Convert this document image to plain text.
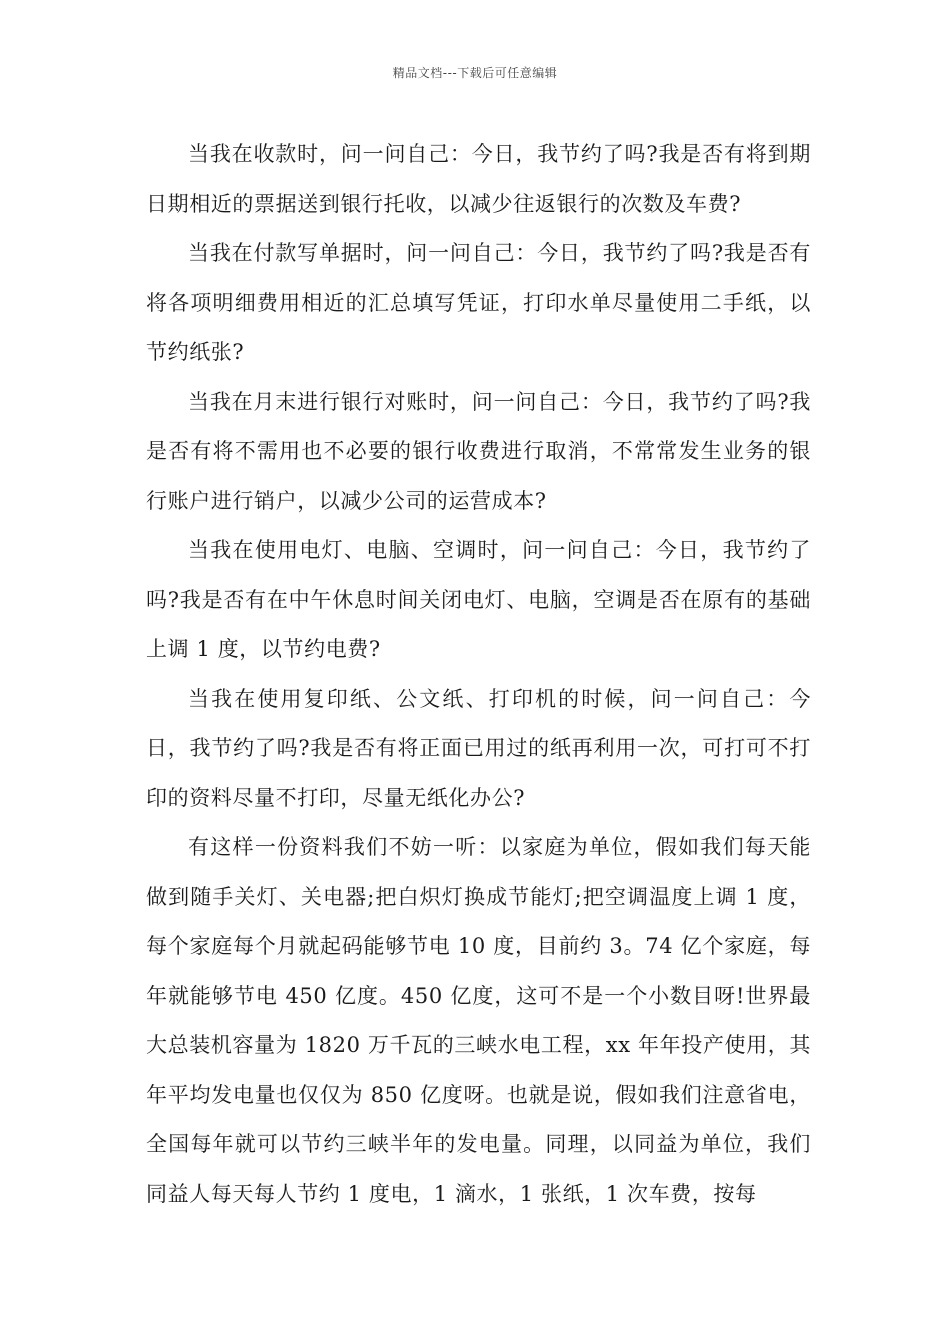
精品文档---下载后可任意编辑

当我在收款时，问一问自己：今日，我节约了吗?我是否有将到期日期相近的票据送到银行托收，以减少往返银行的次数及车费?

当我在付款写单据时，问一问自己：今日，我节约了吗?我是否有将各项明细费用相近的汇总填写凭证，打印水单尽量使用二手纸，以节约纸张?

当我在月末进行银行对账时，问一问自己：今日，我节约了吗?我是否有将不需用也不必要的银行收费进行取消，不常常发生业务的银行账户进行销户，以减少公司的运营成本?

当我在使用电灯、电脑、空调时，问一问自己：今日，我节约了吗?我是否有在中午休息时间关闭电灯、电脑，空调是否在原有的基础上调 1 度，以节约电费?

当我在使用复印纸、公文纸、打印机的时候，问一问自己：今日，我节约了吗?我是否有将正面已用过的纸再利用一次，可打可不打印的资料尽量不打印，尽量无纸化办公?

有这样一份资料我们不妨一听：以家庭为单位，假如我们每天能做到随手关灯、关电器;把白炽灯换成节能灯;把空调温度上调 1 度，每个家庭每个月就起码能够节电 10 度，目前约 3。74 亿个家庭，每年就能够节电 450 亿度。450 亿度，这可不是一个小数目呀!世界最大总装机容量为 1820 万千瓦的三峡水电工程，xx 年年投产使用，其年平均发电量也仅仅为 850 亿度呀。也就是说，假如我们注意省电，全国每年就可以节约三峡半年的发电量。同理，以同益为单位，我们同益人每天每人节约 1 度电，1 滴水，1 张纸，1 次车费，按每
